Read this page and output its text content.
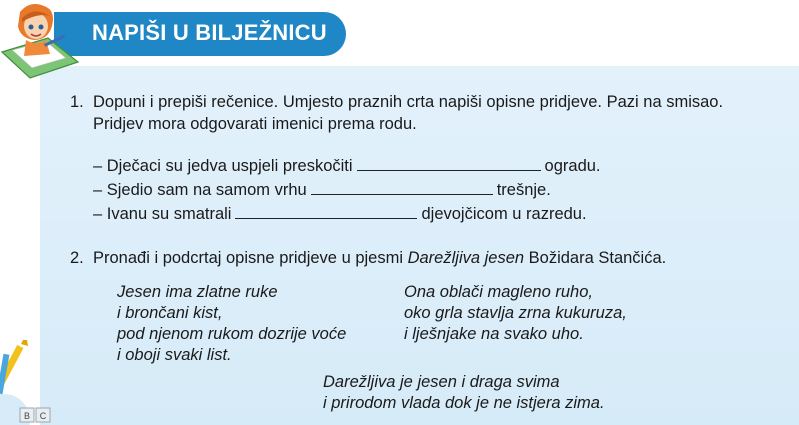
NAPIŠI U BILJEŽNICU
1. Dopuni i prepiši rečenice. Umjesto praznih crta napiši opisne pridjeve. Pazi na smisao.
Pridjev mora odgovarati imenici prema rodu.
– Dječaci su jedva uspjeli preskočiti	ogradu.
– Sjedio sam na samom vrhu	trešnje.
– Ivanu su smatrali	djevojčicom u razredu.
2. Pronađi i podcrtaj opisne pridjeve u pjesmi Darežljiva jesen Božidara Stančića.
Jesen ima zlatne ruke
i brončani kist,
pod njenom rukom dozrije voće
i oboji svaki list.
Ona oblači magleno ruho,
oko grla stavlja zrna kukuruza,
i lješnjake na svako uho.
Darežljiva je jesen i draga svima
i prirodom vlada dok je ne istjera zima.
B C
